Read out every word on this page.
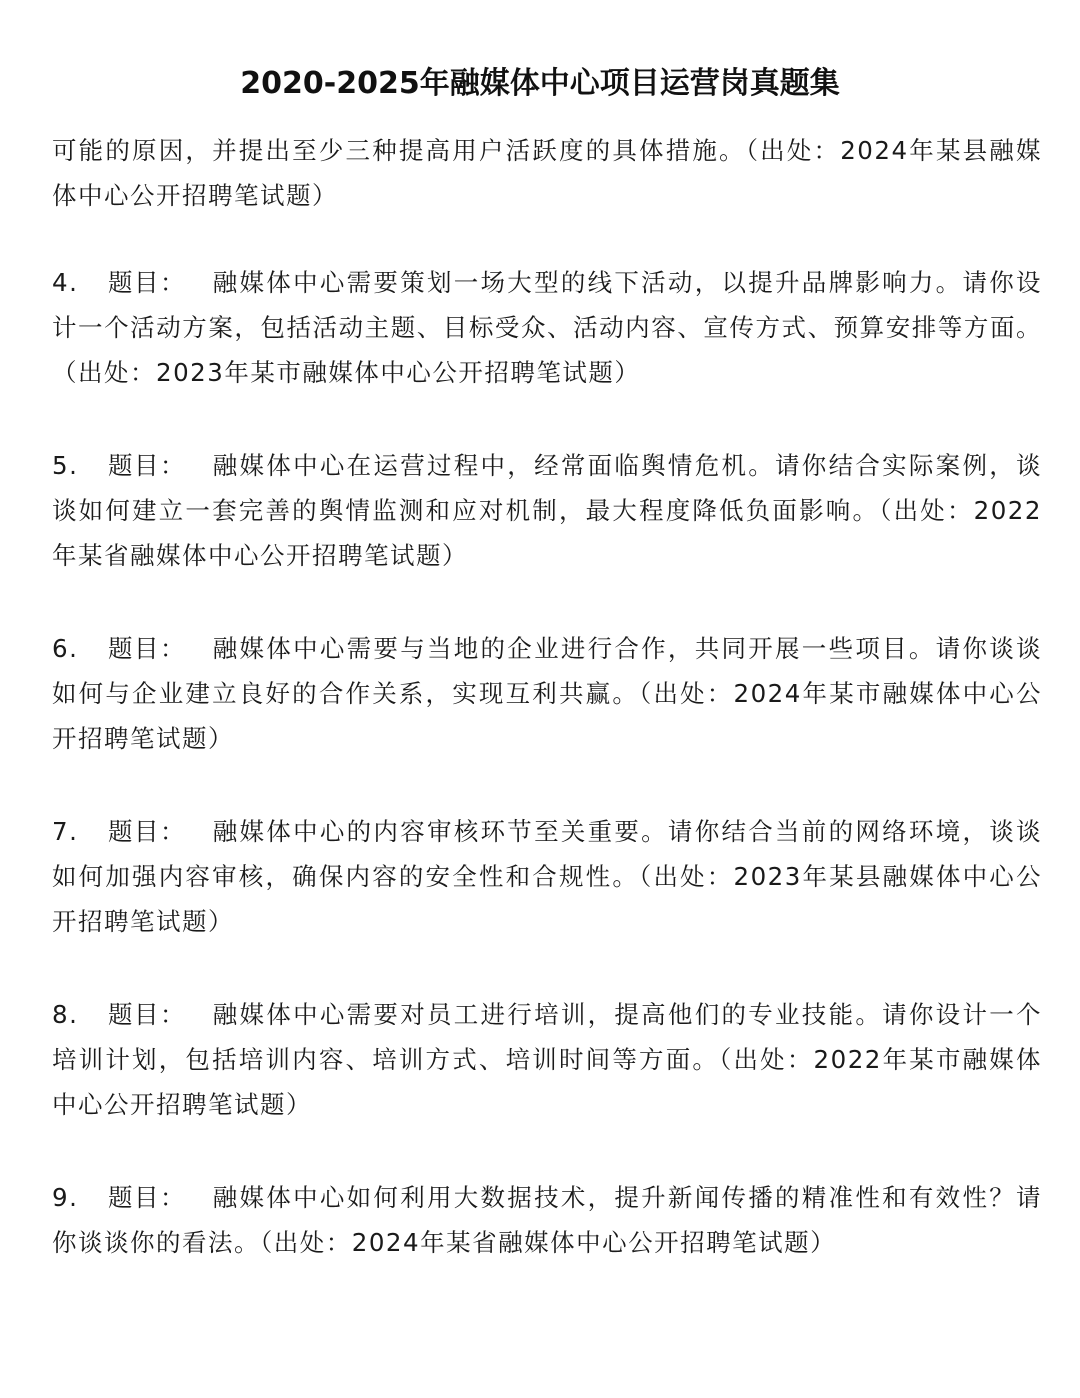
2020-2025年融媒体中心项目运营岗真题集

可能的原因，并提出至少三种提高用户活跃度的具体措施。（出处：2024年某县融媒体中心公开招聘笔试题）

4. 题目： 融媒体中心需要策划一场大型的线下活动，以提升品牌影响力。请你设计一个活动方案，包括活动主题、目标受众、活动内容、宣传方式、预算安排等方面。（出处：2023年某市融媒体中心公开招聘笔试题）

5. 题目： 融媒体中心在运营过程中，经常面临舆情危机。请你结合实际案例，谈谈如何建立一套完善的舆情监测和应对机制，最大程度降低负面影响。（出处：2022年某省融媒体中心公开招聘笔试题）

6. 题目： 融媒体中心需要与当地的企业进行合作，共同开展一些项目。请你谈谈如何与企业建立良好的合作关系，实现互利共赢。（出处：2024年某市融媒体中心公开招聘笔试题）

7. 题目： 融媒体中心的内容审核环节至关重要。请你结合当前的网络环境，谈谈如何加强内容审核，确保内容的安全性和合规性。（出处：2023年某县融媒体中心公开招聘笔试题）

8. 题目： 融媒体中心需要对员工进行培训，提高他们的专业技能。请你设计一个培训计划，包括培训内容、培训方式、培训时间等方面。（出处：2022年某市融媒体中心公开招聘笔试题）

9. 题目： 融媒体中心如何利用大数据技术，提升新闻传播的精准性和有效性？请你谈谈你的看法。（出处：2024年某省融媒体中心公开招聘笔试题）
